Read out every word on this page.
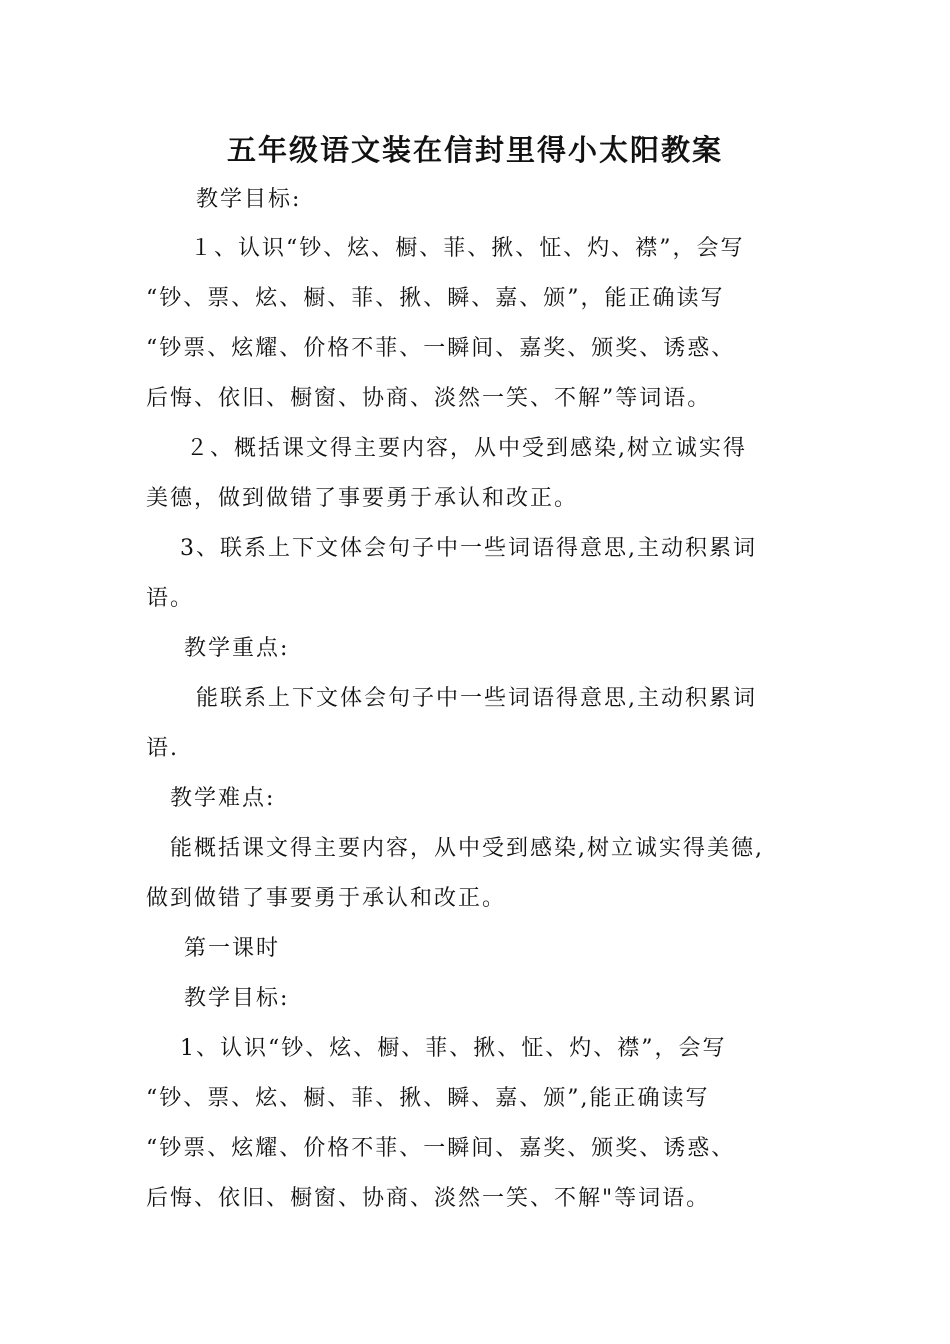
五年级语文装在信封里得小太阳教案
教学目标:
１、认识“钞、炫、橱、菲、揪、怔、灼、襟”，会写
“钞、票、炫、橱、菲、揪、瞬、嘉、颁”，能正确读写
“钞票、炫耀、价格不菲、一瞬间、嘉奖、颁奖、诱惑、
后悔、依旧、橱窗、协商、淡然一笑、不解”等词语。
２、概括课文得主要内容，从中受到感染,树立诚实得
美德，做到做错了事要勇于承认和改正。
3、联系上下文体会句子中一些词语得意思,主动积累词
语。
教学重点:
能联系上下文体会句子中一些词语得意思,主动积累词
语.
教学难点:
能概括课文得主要内容，从中受到感染,树立诚实得美德,
做到做错了事要勇于承认和改正。
第一课时
教学目标:
1、认识“钞、炫、橱、菲、揪、怔、灼、襟”，会写
“钞、票、炫、橱、菲、揪、瞬、嘉、颁”,能正确读写
“钞票、炫耀、价格不菲、一瞬间、嘉奖、颁奖、诱惑、
后悔、依旧、橱窗、协商、淡然一笑、不解"等词语。
